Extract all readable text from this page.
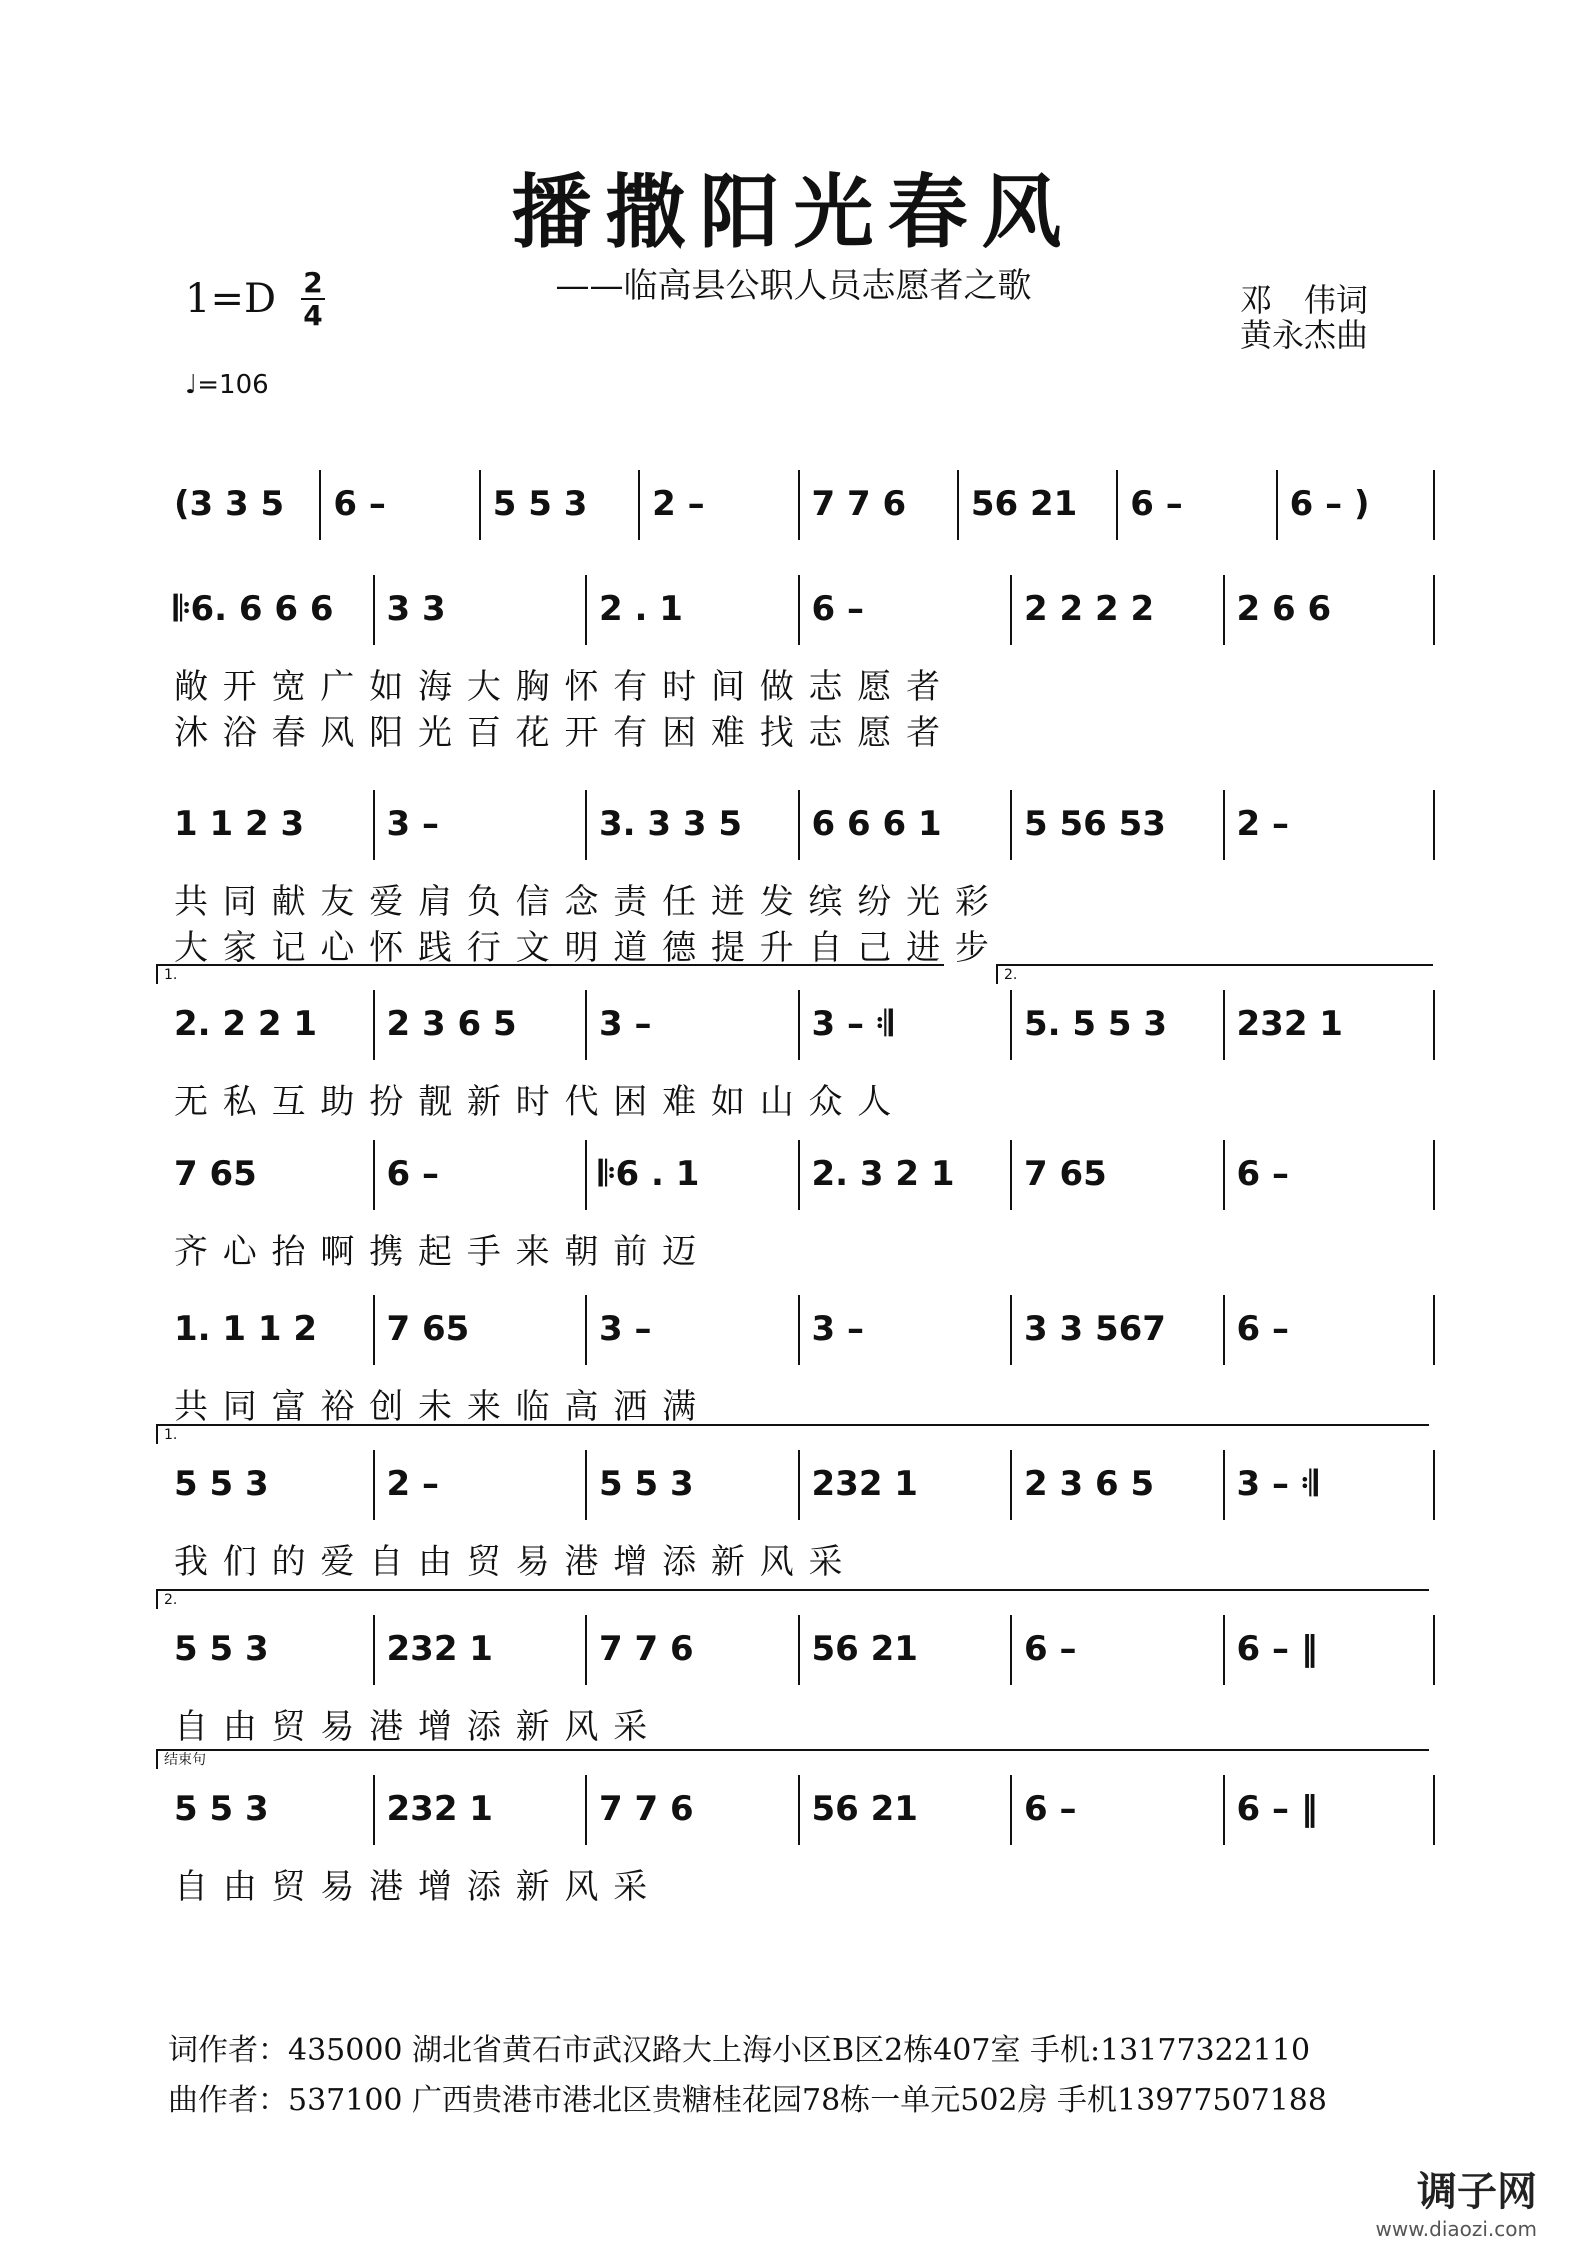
播撒阳光春风
——临高县公职人员志愿者之歌
1=D 2
4
♩=106
邓　伟词
黄永杰曲
(3 3 5 6 –	5 5 3 2 –	7 7 6 56 21 6 –	6 – )
𝄆6. 6 6 6 3 3	2 . 1	6 –	2 2 2 2 2 6 6
敞 开 宽 广 如 海 大 胸 怀 有 时 间 做 志 愿 者
沐 浴 春 风 阳 光 百 花 开 有 困 难 找 志 愿 者
1 1 2 3 3 –	3. 3 3 5 6 6 6 1 5 56 53 2 –
共 同 献 友 爱 肩 负 信 念 责 任 迸 发 缤 纷 光 彩
大 家 记 心 怀 践 行 文 明 道 德 提 升 自 己 进 步
2. 2 2 1 2 3 6 5 3 –	3 – 𝄇	5. 5 5 3 232 1
1.	2.
无 私 互 助 扮 靓 新 时 代 困 难 如 山 众 人
7 65	6 –	𝄆6 . 1	2. 3 2 1 7 65	6 –
齐 心 抬 啊 携 起 手 来 朝 前 迈
1. 1 1 2 7 65	3 –	3 –	3 3 567 6 –
共 同 富 裕 创 未 来 临 高 洒 满
5 5 3	2 –	5 5 3	232 1	2 3 6 5 3 – 𝄇
1.
我 们 的 爱 自 由 贸 易 港 增 添 新 风 采
5 5 3	232 1	7 7 6	56 21	6 –	6 – ‖
2.
自 由 贸 易 港 增 添 新 风 采
5 5 3	232 1	7 7 6	56 21	6 –	6 – ‖
结束句
自 由 贸 易 港 增 添 新 风 采
词作者：435000 湖北省黄石市武汉路大上海小区B区2栋407室 手机:13177322110
曲作者：537100 广西贵港市港北区贵糖桂花园78栋一单元502房 手机13977507188
调子网
www.diaozi.com
